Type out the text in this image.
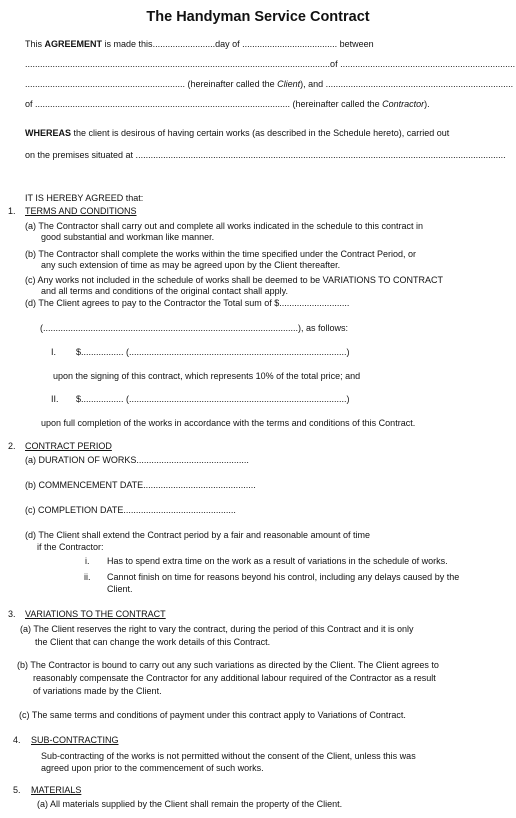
The Handyman Service Contract
This AGREEMENT is made this.........................day of ...................................... between
..........................................................................................................................of ......................................................................
................................................................ (hereinafter called the Client), and ...........................................................................
of ...................................................................................................... (hereinafter called the Contractor).
WHEREAS the client is desirous of having certain works (as described in the Schedule hereto), carried out
on the premises situated at ....................................................................................................................................................
IT IS HEREBY AGREED that:
1. TERMS AND CONDITIONS
(a) The Contractor shall carry out and complete all works indicated in the schedule to this contract in
good substantial and workman like manner.
(b) The Contractor shall complete the works within the time specified under the Contract Period, or
any such extension of time as may be agreed upon by the Client thereafter.
(c) Any works not included in the schedule of works shall be deemed to be VARIATIONS TO CONTRACT
and all terms and conditions of the original contact shall apply.
(d) The Client agrees to pay to the Contractor the Total sum of $............................
(......................................................................................................), as follows:
I. $................. (.......................................................................................)
upon the signing of this contract, which represents 10% of the total price; and
II. $................. (.......................................................................................)
upon full completion of the works in accordance with the terms and conditions of this Contract.
2. CONTRACT PERIOD
(a) DURATION OF WORKS.............................................
(b) COMMENCEMENT DATE.............................................
(c) COMPLETION DATE.............................................
(d) The Client shall extend the Contract period by a fair and reasonable amount of time
if the Contractor:
i. Has to spend extra time on the work as a result of variations in the schedule of works.
ii. Cannot finish on time for reasons beyond his control, including any delays caused by the
Client.
3. VARIATIONS TO THE CONTRACT
(a) The Client reserves the right to vary the contract, during the period of this Contract and it is only
the Client that can change the work details of this Contract.
(b) The Contractor is bound to carry out any such variations as directed by the Client. The Client agrees to
reasonably compensate the Contractor for any additional labour required of the Contractor as a result
of variations made by the Client.
(c) The same terms and conditions of payment under this contract apply to Variations of Contract.
4. SUB-CONTRACTING
Sub-contracting of the works is not permitted without the consent of the Client, unless this was
agreed upon prior to the commencement of such works.
5. MATERIALS
(a) All materials supplied by the Client shall remain the property of the Client.
